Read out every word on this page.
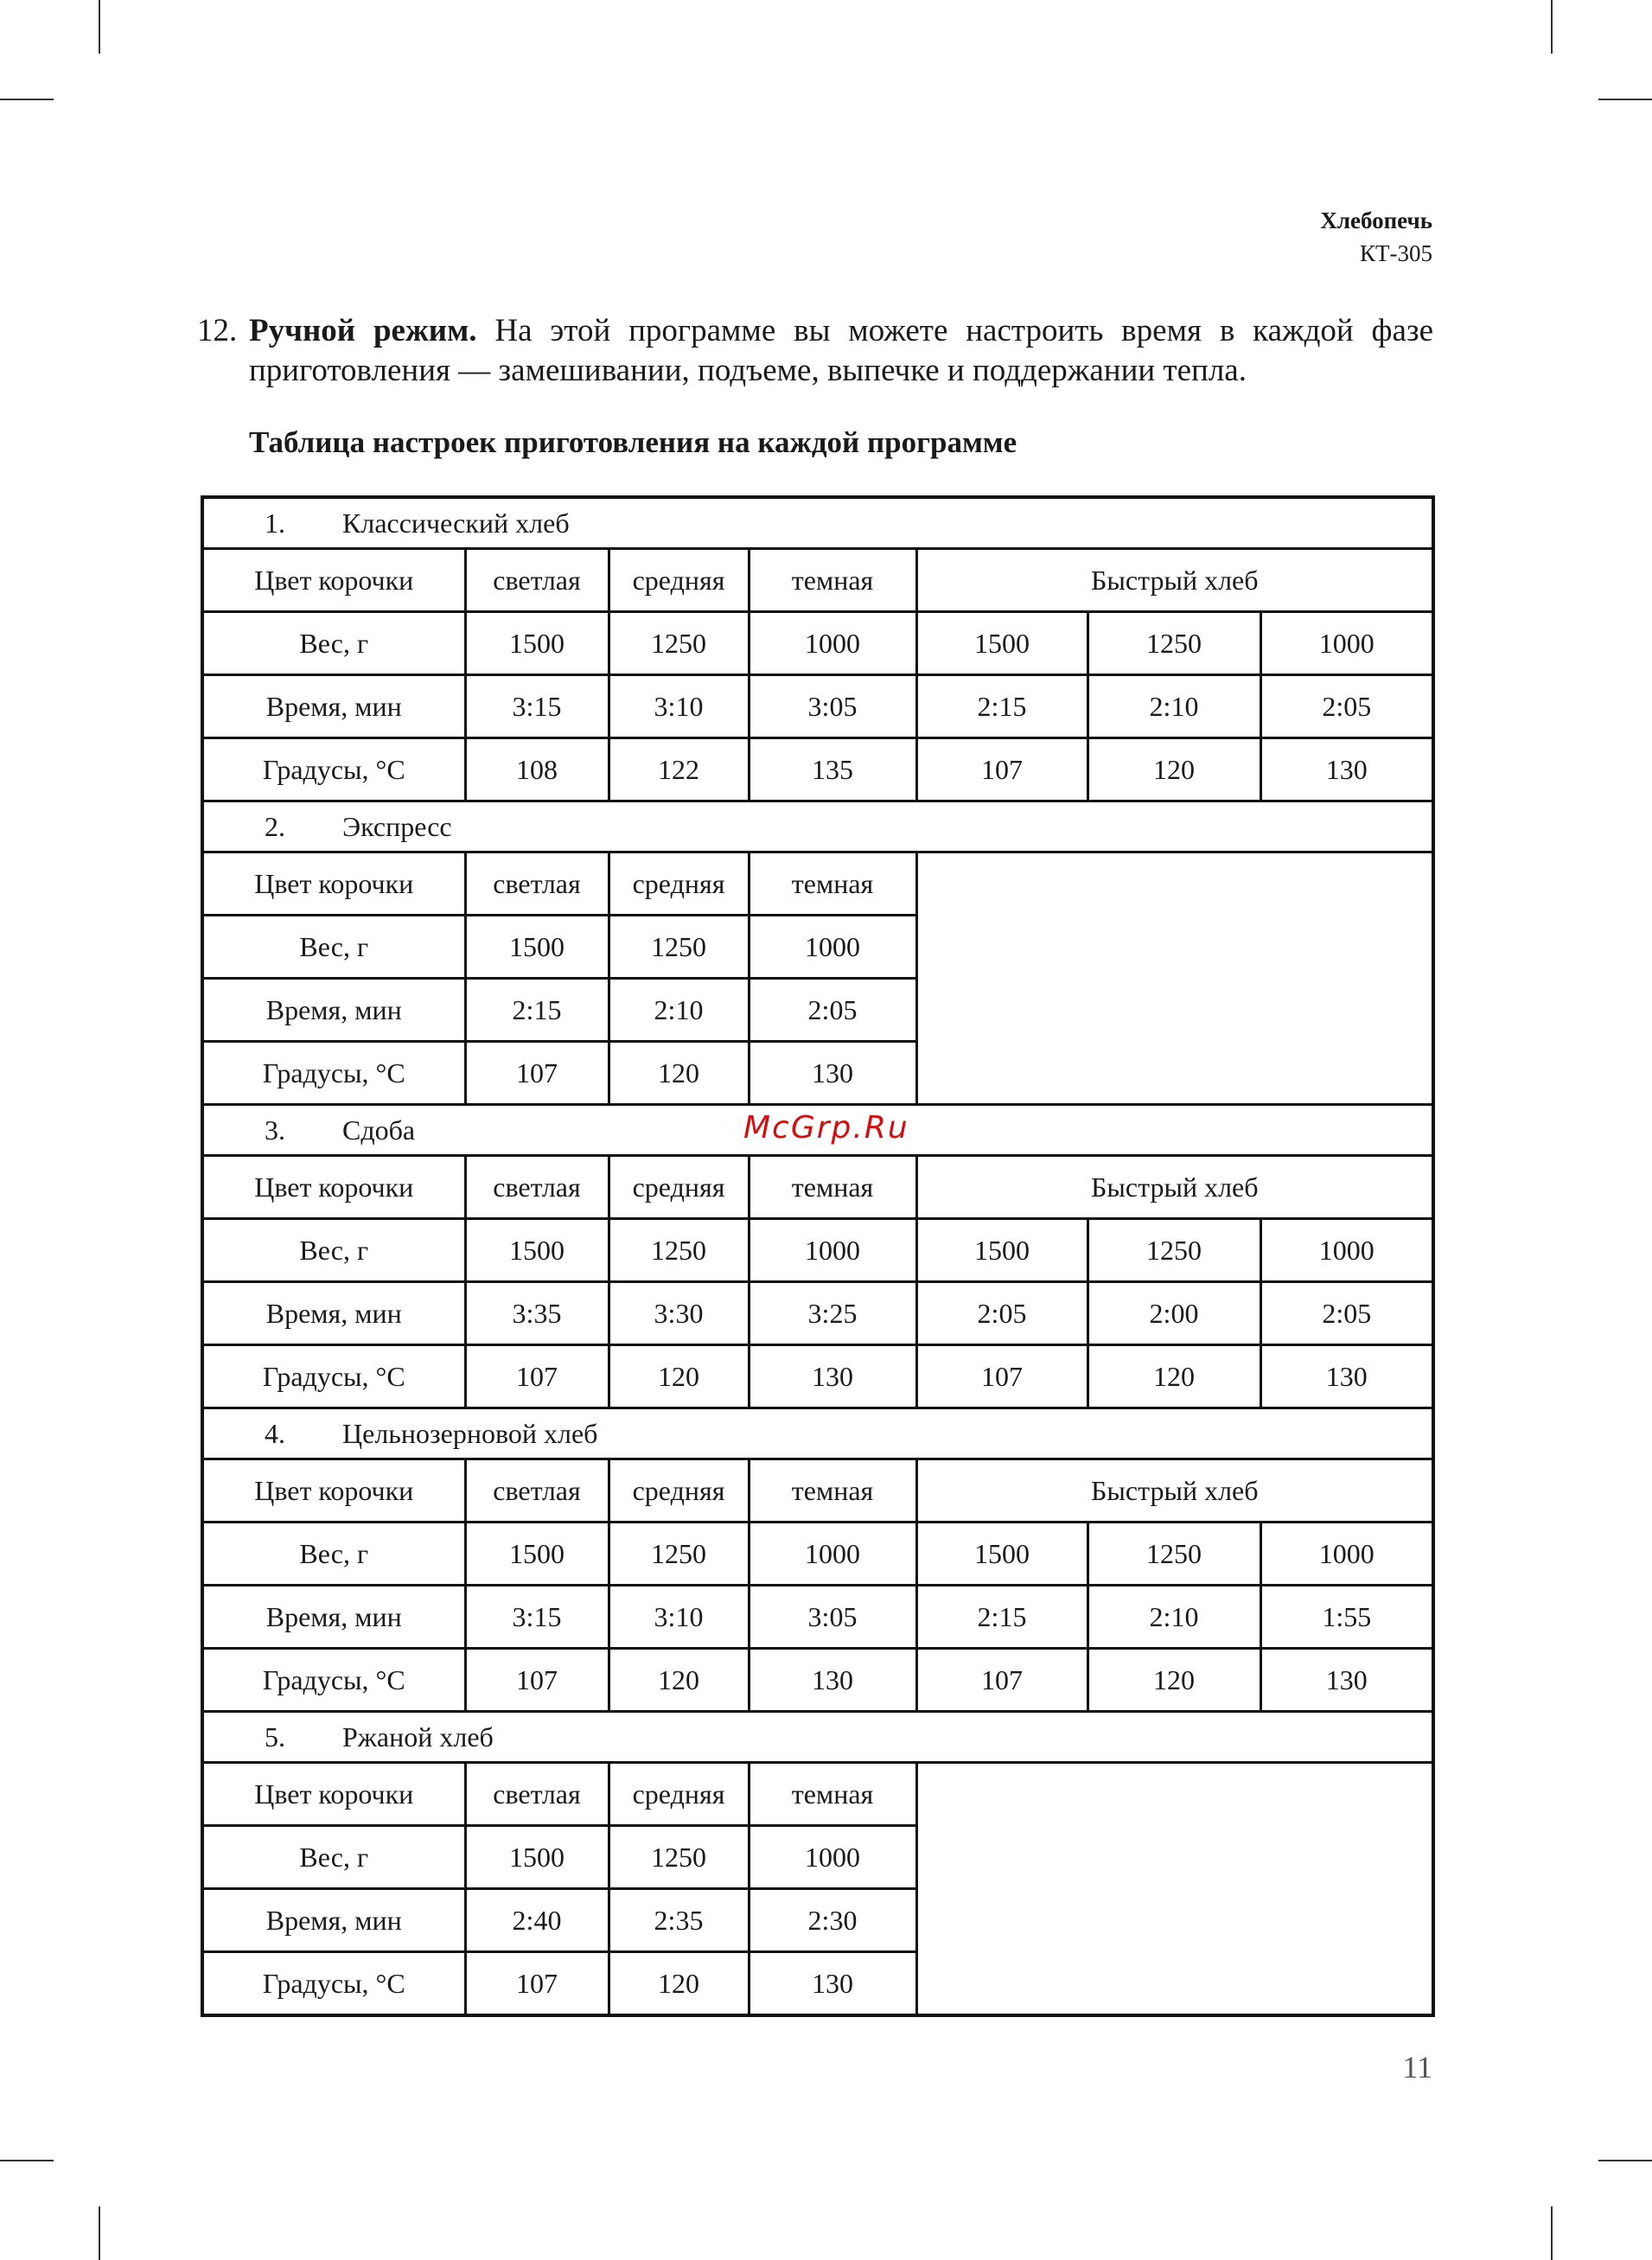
Хлебопечь
КТ-305
12. Ручной режим. На этой программе вы можете настроить время в каждой фазе приготовления — замешивании, подъеме, выпечке и поддержании тепла.
Таблица настроек приготовления на каждой программе
1. Классический хлеб						
Цвет корочки	светлая	средняя	темная	Быстрый хлеб		
Вес, г	1500	1250	1000	1500	1250	1000
Время, мин	3:15	3:10	3:05	2:15	2:10	2:05
Градусы, °С	108	122	135	107	120	130
2. Экспресс						
Цвет корочки	светлая	средняя	темная			
Вес, г	1500	1250	1000			
Время, мин	2:15	2:10	2:05			
Градусы, °С	107	120	130			
3. Сдоба						
Цвет корочки	светлая	средняя	темная	Быстрый хлеб		
Вес, г	1500	1250	1000	1500	1250	1000
Время, мин	3:35	3:30	3:25	2:05	2:00	2:05
Градусы, °С	107	120	130	107	120	130
4. Цельнозерновой хлеб						
Цвет корочки	светлая	средняя	темная	Быстрый хлеб		
Вес, г	1500	1250	1000	1500	1250	1000
Время, мин	3:15	3:10	3:05	2:15	2:10	1:55
Градусы, °С	107	120	130	107	120	130
5. Ржаной хлеб						
Цвет корочки	светлая	средняя	темная			
Вес, г	1500	1250	1000			
Время, мин	2:40	2:35	2:30			
Градусы, °С	107	120	130			
McGrp.Ru
11
